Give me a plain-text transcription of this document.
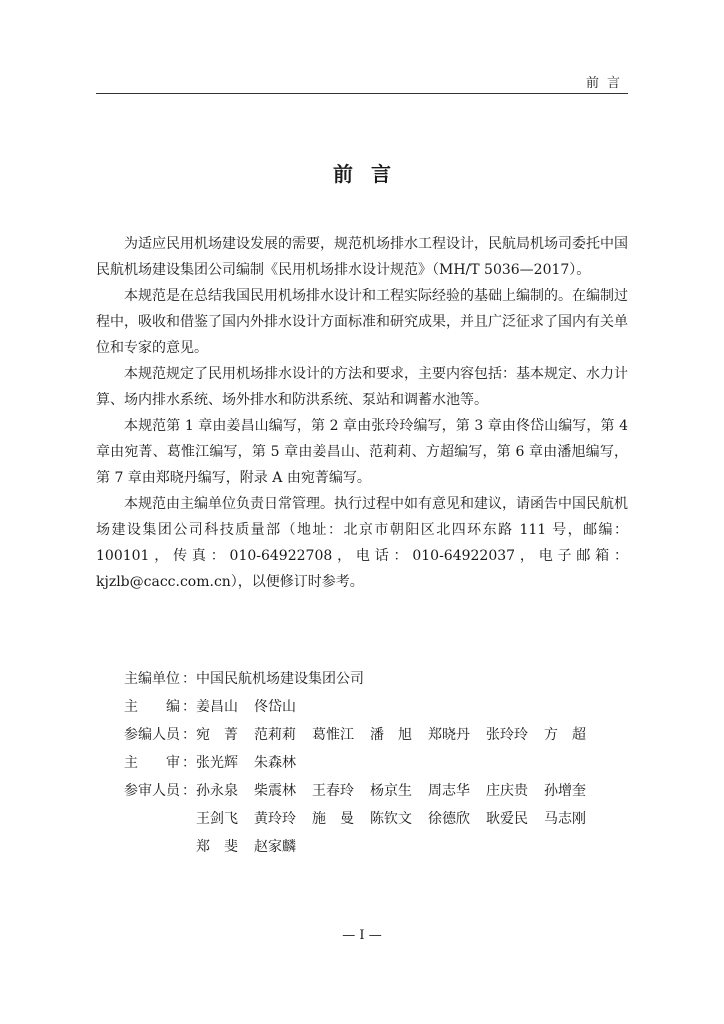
前言
前言

为适应民用机场建设发展的需要，规范机场排水工程设计，民航局机场司委托中国民航机场建设集团公司编制《民用机场排水设计规范》（MH/T 5036—2017）。

本规范是在总结我国民用机场排水设计和工程实际经验的基础上编制的。在编制过程中，吸收和借鉴了国内外排水设计方面标准和研究成果，并且广泛征求了国内有关单位和专家的意见。

本规范规定了民用机场排水设计的方法和要求，主要内容包括：基本规定、水力计算、场内排水系统、场外排水和防洪系统、泵站和调蓄水池等。

本规范第 1 章由姜昌山编写，第 2 章由张玲玲编写，第 3 章由佟岱山编写，第 4 章由宛菁、葛惟江编写，第 5 章由姜昌山、范莉莉、方超编写，第 6 章由潘旭编写，第 7 章由郑晓丹编写，附录 A 由宛菁编写。

本规范由主编单位负责日常管理。执行过程中如有意见和建议，请函告中国民航机场建设集团公司科技质量部（地址：北京市朝阳区北四环东路 111 号，邮编：100101，传真：010-64922708，电话：010-64922037，电子邮箱：kjzlb@cacc.com.cn），以便修订时参考。

主编单位 ： 中国民航机场建设集团公司
主 编 ： 姜昌山 佟岱山
参编人员 ： 宛 菁 范莉莉 葛惟江 潘 旭 郑晓丹 张玲玲 方 超
主 审 ： 张光辉 朱森林
参审人员 ： 孙永泉 柴震林 王春玲 杨京生 周志华 庄庆贵 孙增奎
王剑飞 黄玲玲 施 曼 陈钦文 徐德欣 耿爱民 马志刚
郑 斐 赵家麟
— I —
